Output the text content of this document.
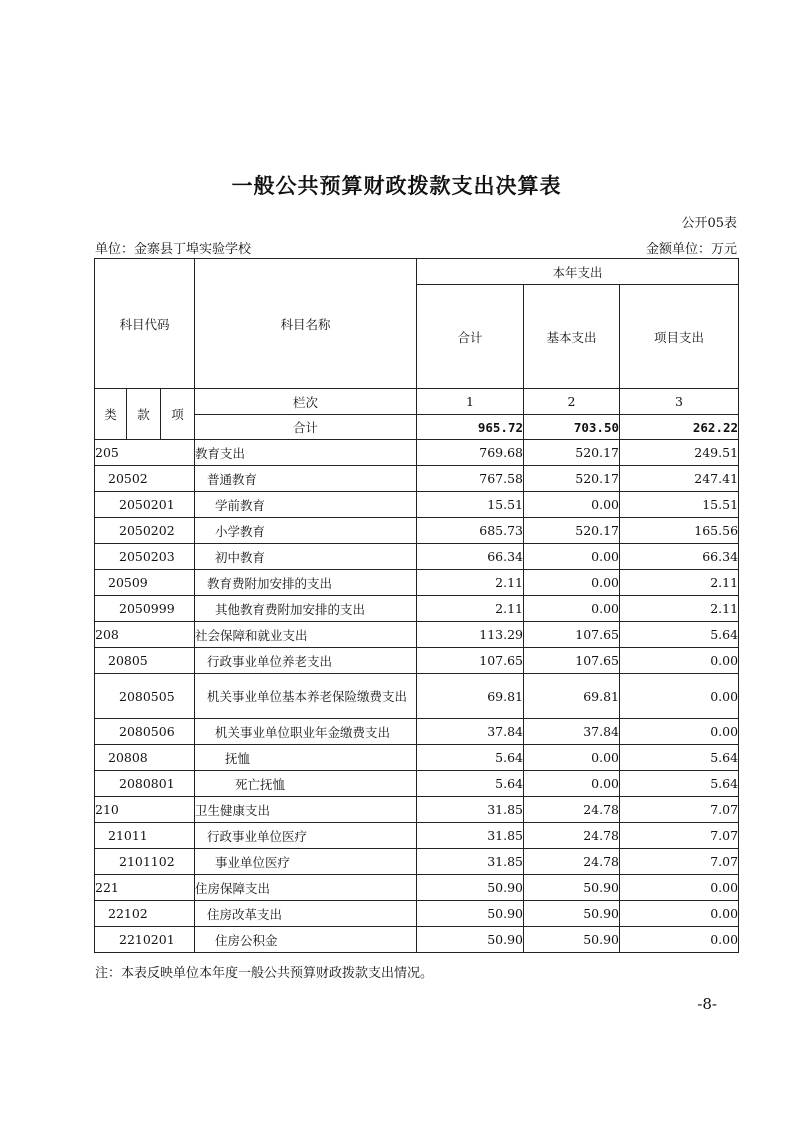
一般公共预算财政拨款支出决算表
公开05表
单位：金寨县丁埠实验学校	金额单位：万元
科目代码			科目名称	本年支出		
				合计	基本支出	项目支出
类	款	项	栏次	1	2	3
			合计	965.72	703.50	262.22
205			教育支出	769.68	520.17	249.51
20502			普通教育	767.58	520.17	247.41
2050201			学前教育	15.51	0.00	15.51
2050202			小学教育	685.73	520.17	165.56
2050203			初中教育	66.34	0.00	66.34
20509			教育费附加安排的支出	2.11	0.00	2.11
2050999			其他教育费附加安排的支出	2.11	0.00	2.11
208			社会保障和就业支出	113.29	107.65	5.64
20805			行政事业单位养老支出	107.65	107.65	0.00
2080505			机关事业单位基本养老保险缴费支出	69.81	69.81	0.00
2080506			机关事业单位职业年金缴费支出	37.84	37.84	0.00
20808			抚恤	5.64	0.00	5.64
2080801			死亡抚恤	5.64	0.00	5.64
210			卫生健康支出	31.85	24.78	7.07
21011			行政事业单位医疗	31.85	24.78	7.07
2101102			事业单位医疗	31.85	24.78	7.07
221			住房保障支出	50.90	50.90	0.00
22102			住房改革支出	50.90	50.90	0.00
2210201			住房公积金	50.90	50.90	0.00
注：本表反映单位本年度一般公共预算财政拨款支出情况。
-8-
